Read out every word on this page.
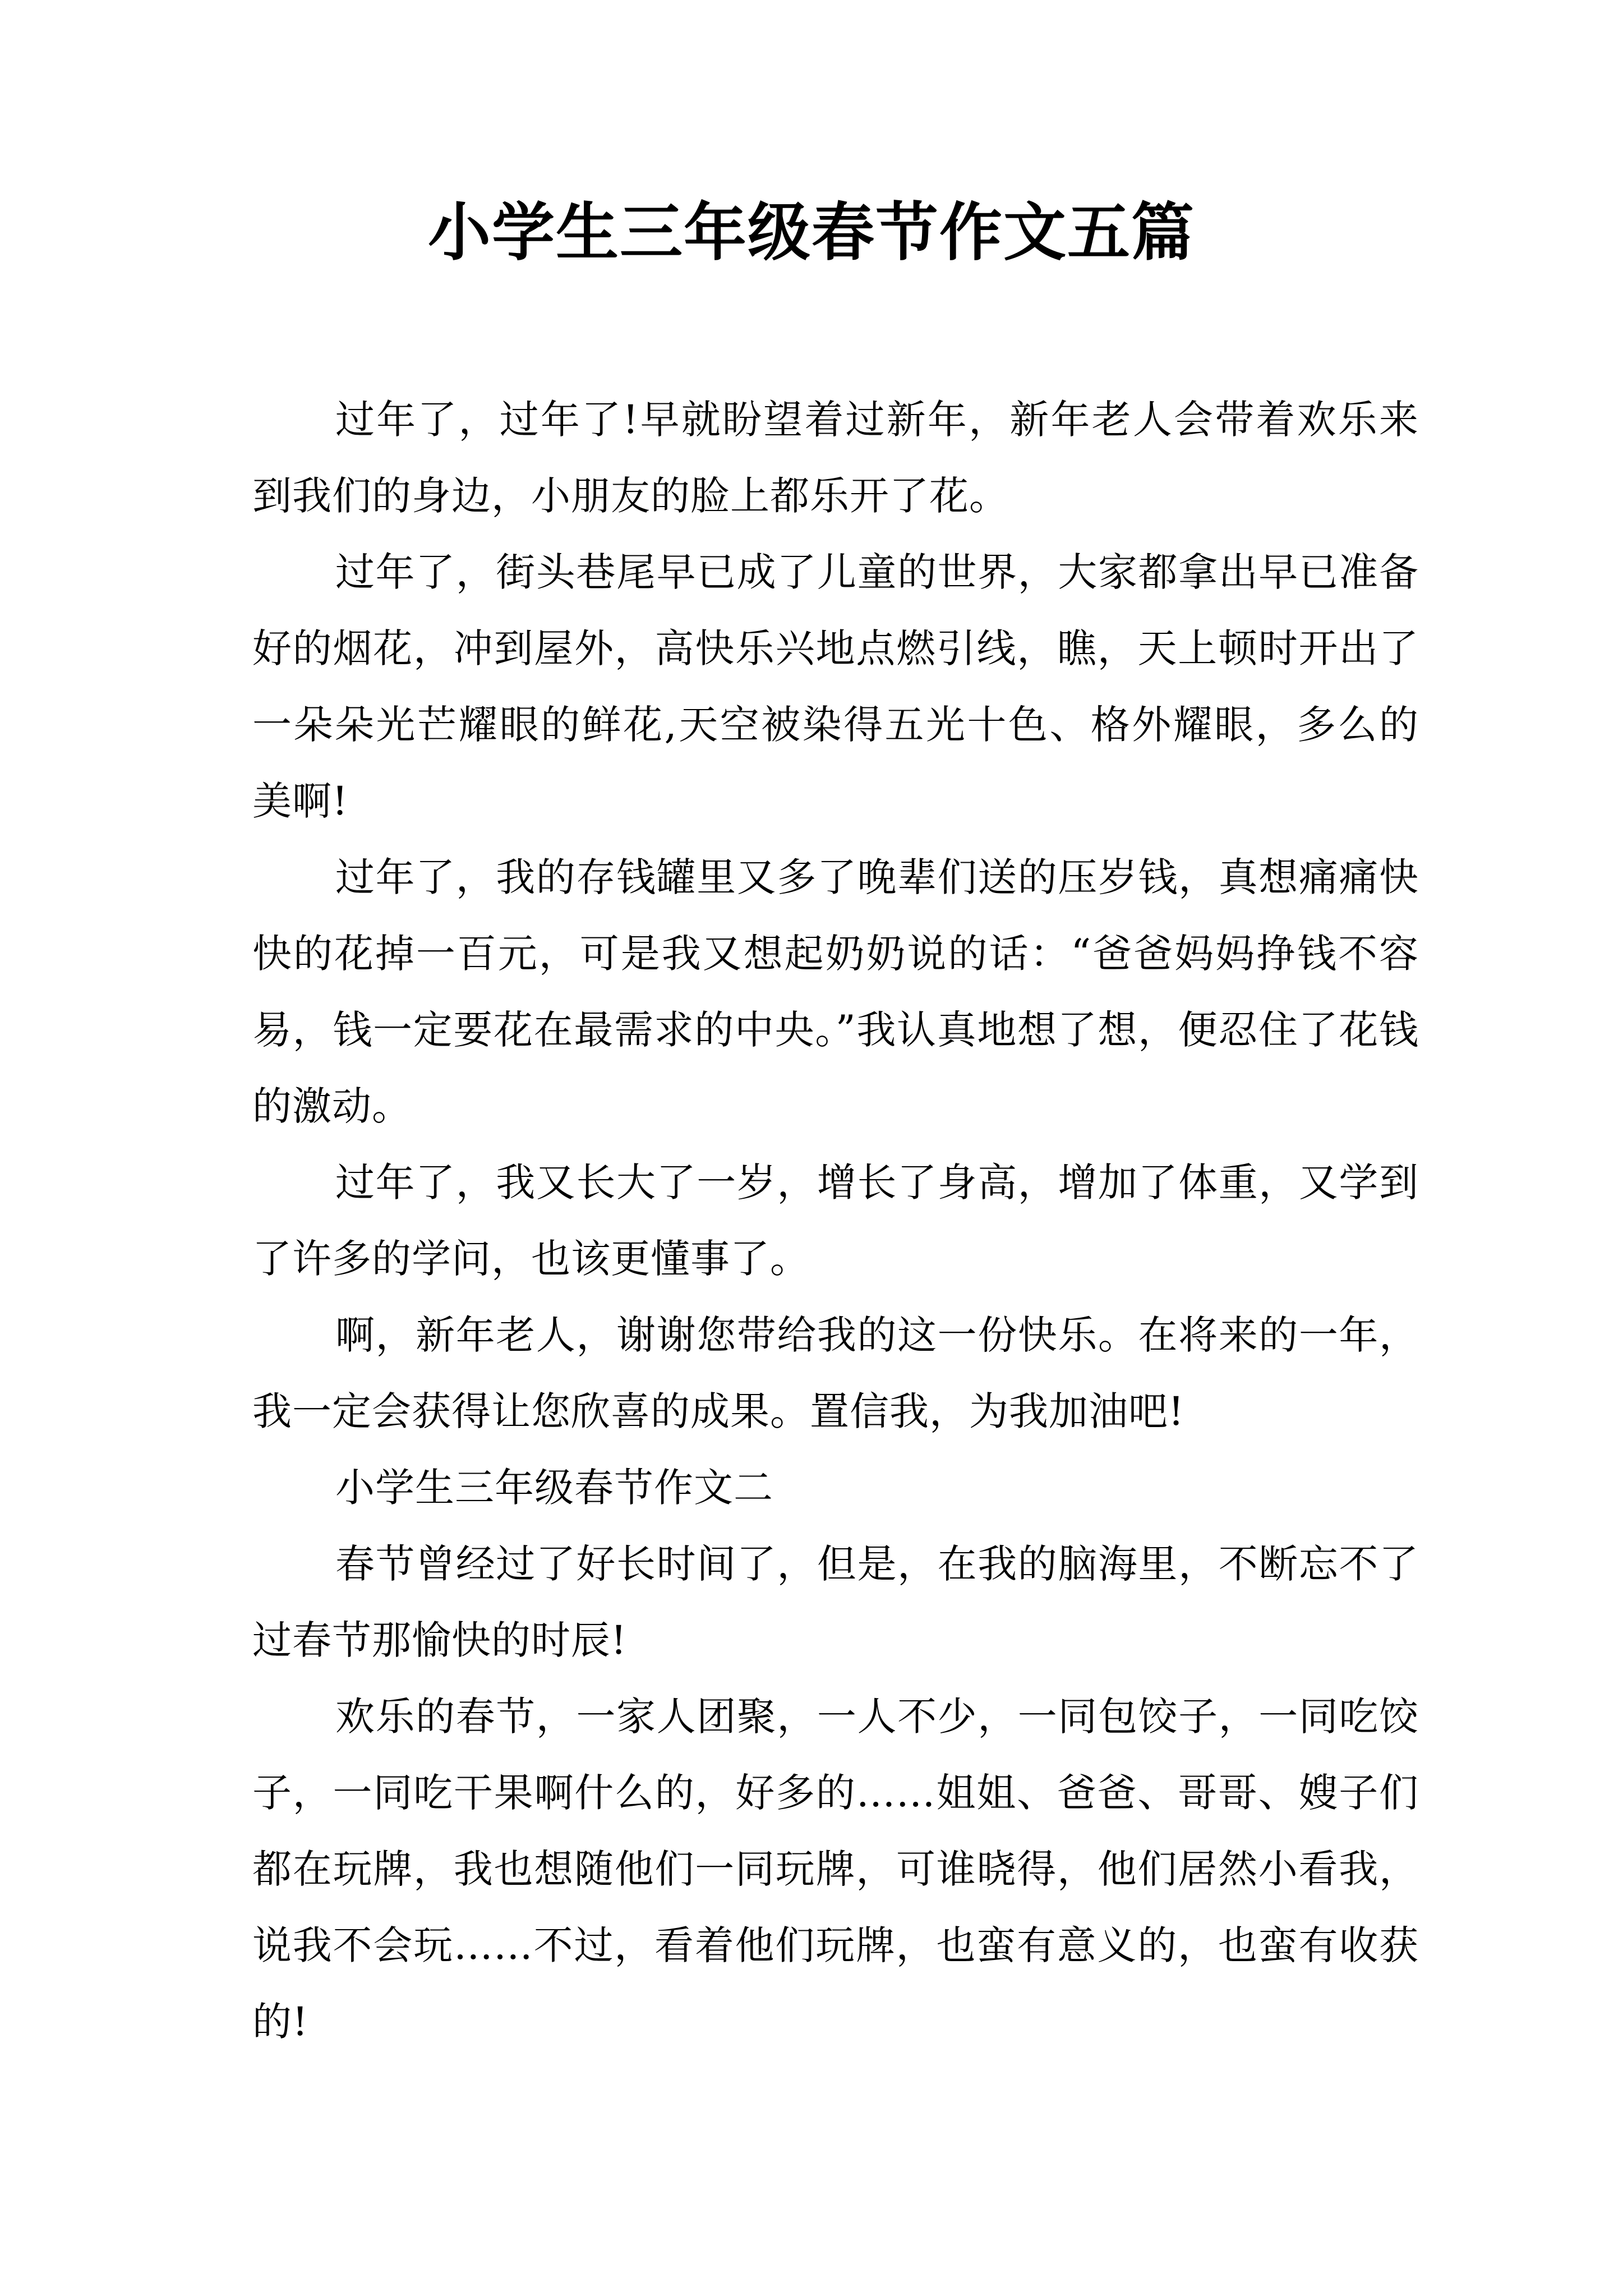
小学生三年级春节作文五篇

过年了，过年了!早就盼望着过新年，新年老人会带着欢乐来到我们的身边，小朋友的脸上都乐开了花。

过年了，街头巷尾早已成了儿童的世界，大家都拿出早已准备好的烟花，冲到屋外，高快乐兴地点燃引线，瞧，天上顿时开出了一朵朵光芒耀眼的鲜花,天空被染得五光十色、格外耀眼，多么的美啊!

过年了，我的存钱罐里又多了晚辈们送的压岁钱，真想痛痛快快的花掉一百元，可是我又想起奶奶说的话：“爸爸妈妈挣钱不容易，钱一定要花在最需求的中央。”我认真地想了想，便忍住了花钱的激动。

过年了，我又长大了一岁，增长了身高，增加了体重，又学到了许多的学问，也该更懂事了。

啊，新年老人，谢谢您带给我的这一份快乐。在将来的一年，我一定会获得让您欣喜的成果。置信我，为我加油吧!

小学生三年级春节作文二

春节曾经过了好长时间了，但是，在我的脑海里，不断忘不了过春节那愉快的时辰!

欢乐的春节，一家人团聚，一人不少，一同包饺子，一同吃饺子，一同吃干果啊什么的，好多的……姐姐、爸爸、哥哥、嫂子们都在玩牌，我也想随他们一同玩牌，可谁晓得，他们居然小看我，说我不会玩……不过，看着他们玩牌，也蛮有意义的，也蛮有收获的!
